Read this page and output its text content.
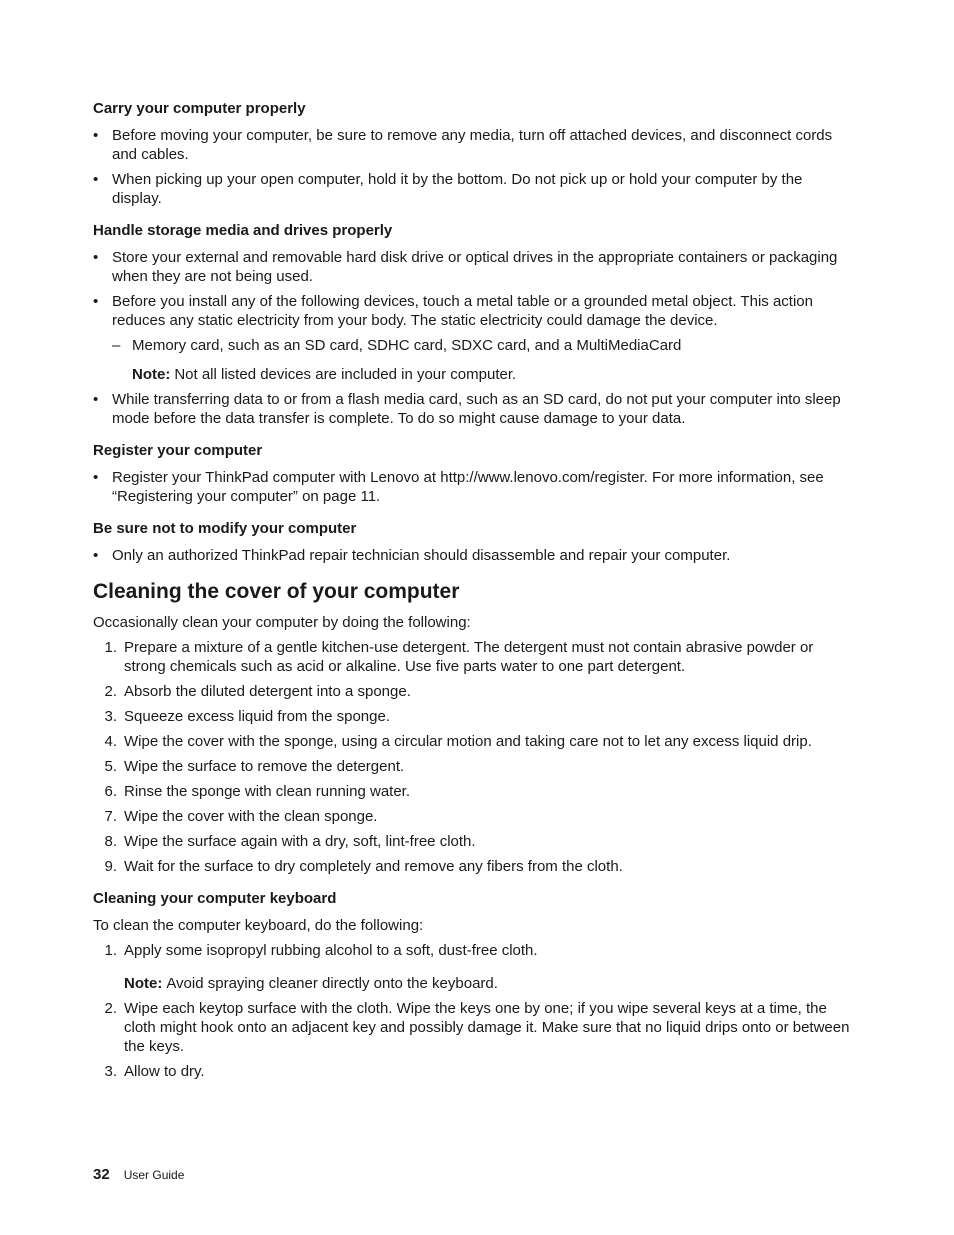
Carry your computer properly
• Before moving your computer, be sure to remove any media, turn off attached devices, and disconnect cords and cables.
• When picking up your open computer, hold it by the bottom. Do not pick up or hold your computer by the display.
Handle storage media and drives properly
• Store your external and removable hard disk drive or optical drives in the appropriate containers or packaging when they are not being used.
• Before you install any of the following devices, touch a metal table or a grounded metal object. This action reduces any static electricity from your body. The static electricity could damage the device.
– Memory card, such as an SD card, SDHC card, SDXC card, and a MultiMediaCard
Note: Not all listed devices are included in your computer.
• While transferring data to or from a flash media card, such as an SD card, do not put your computer into sleep mode before the data transfer is complete. To do so might cause damage to your data.
Register your computer
• Register your ThinkPad computer with Lenovo at http://www.lenovo.com/register. For more information, see “Registering your computer” on page 11.
Be sure not to modify your computer
• Only an authorized ThinkPad repair technician should disassemble and repair your computer.
Cleaning the cover of your computer
Occasionally clean your computer by doing the following:
1. Prepare a mixture of a gentle kitchen-use detergent. The detergent must not contain abrasive powder or strong chemicals such as acid or alkaline. Use five parts water to one part detergent.
2. Absorb the diluted detergent into a sponge.
3. Squeeze excess liquid from the sponge.
4. Wipe the cover with the sponge, using a circular motion and taking care not to let any excess liquid drip.
5. Wipe the surface to remove the detergent.
6. Rinse the sponge with clean running water.
7. Wipe the cover with the clean sponge.
8. Wipe the surface again with a dry, soft, lint-free cloth.
9. Wait for the surface to dry completely and remove any fibers from the cloth.
Cleaning your computer keyboard
To clean the computer keyboard, do the following:
1. Apply some isopropyl rubbing alcohol to a soft, dust-free cloth.
Note: Avoid spraying cleaner directly onto the keyboard.
2. Wipe each keytop surface with the cloth. Wipe the keys one by one; if you wipe several keys at a time, the cloth might hook onto an adjacent key and possibly damage it. Make sure that no liquid drips onto or between the keys.
3. Allow to dry.
32 User Guide
